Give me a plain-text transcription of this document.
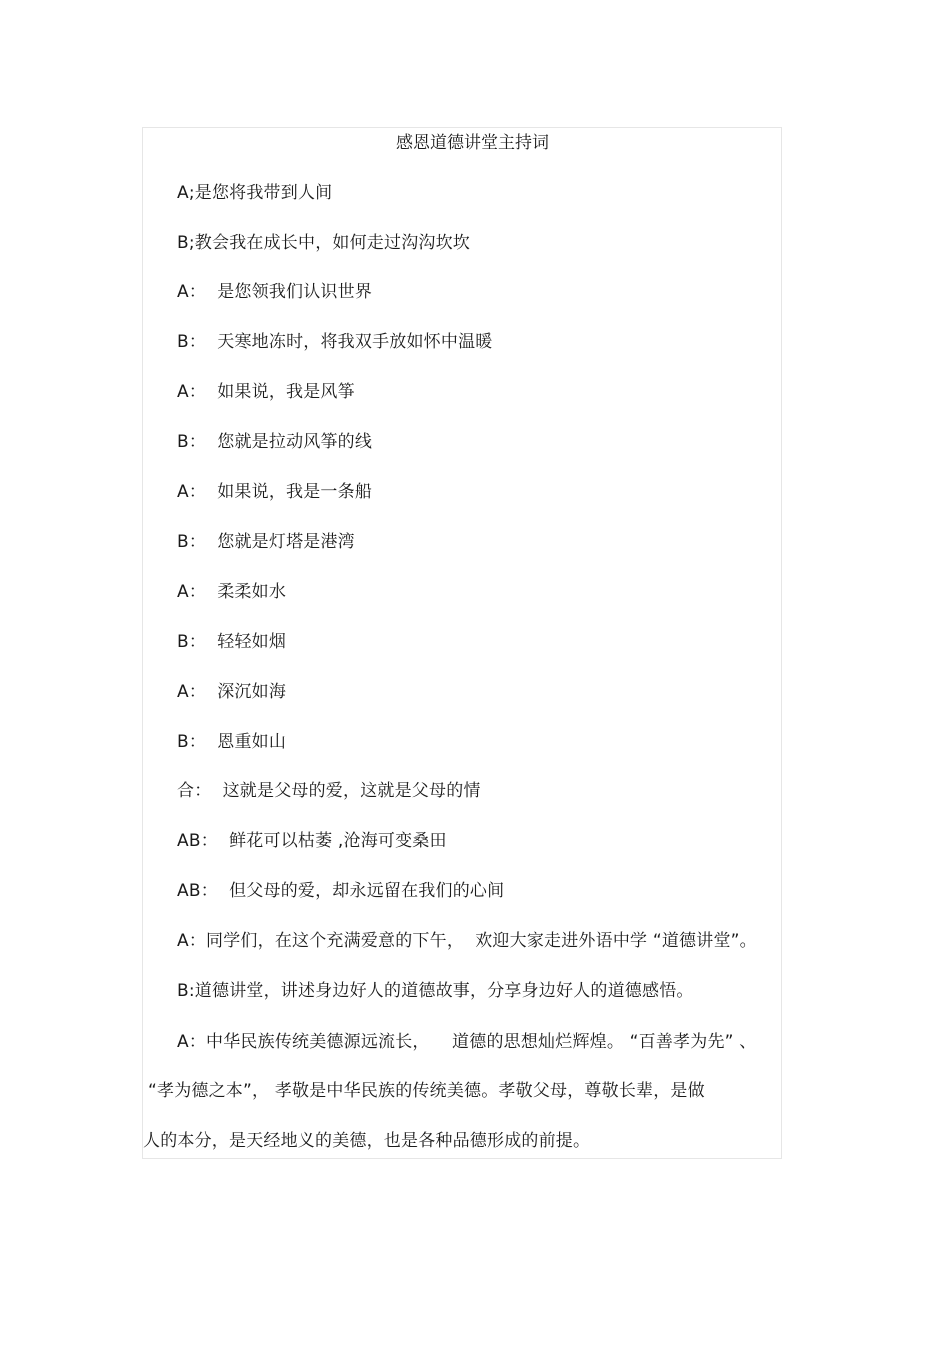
感恩道德讲堂主持词
A;是您将我带到人间
B;教会我在成长中，如何走过沟沟坎坎
A：  是您领我们认识世界
B：  天寒地冻时，将我双手放如怀中温暖
A：  如果说，我是风筝
B：  您就是拉动风筝的线
A：  如果说，我是一条船
B：  您就是灯塔是港湾
A：  柔柔如水
B：  轻轻如烟
A：  深沉如海
B：  恩重如山
合：  这就是父母的爱，这就是父母的情
AB：  鲜花可以枯萎 ,沧海可变桑田
AB：  但父母的爱，却永远留在我们的心间
A：同学们，在这个充满爱意的下午，  欢迎大家走进外语中学 “道德讲堂”。
B:道德讲堂，讲述身边好人的道德故事，分享身边好人的道德感悟。
A：中华民族传统美德源远流长，    道德的思想灿烂辉煌。 “百善孝为先” 、
“孝为德之本”， 孝敬是中华民族的传统美德。孝敬父母，尊敬长辈，是做
人的本分，是天经地义的美德，也是各种品德形成的前提。
